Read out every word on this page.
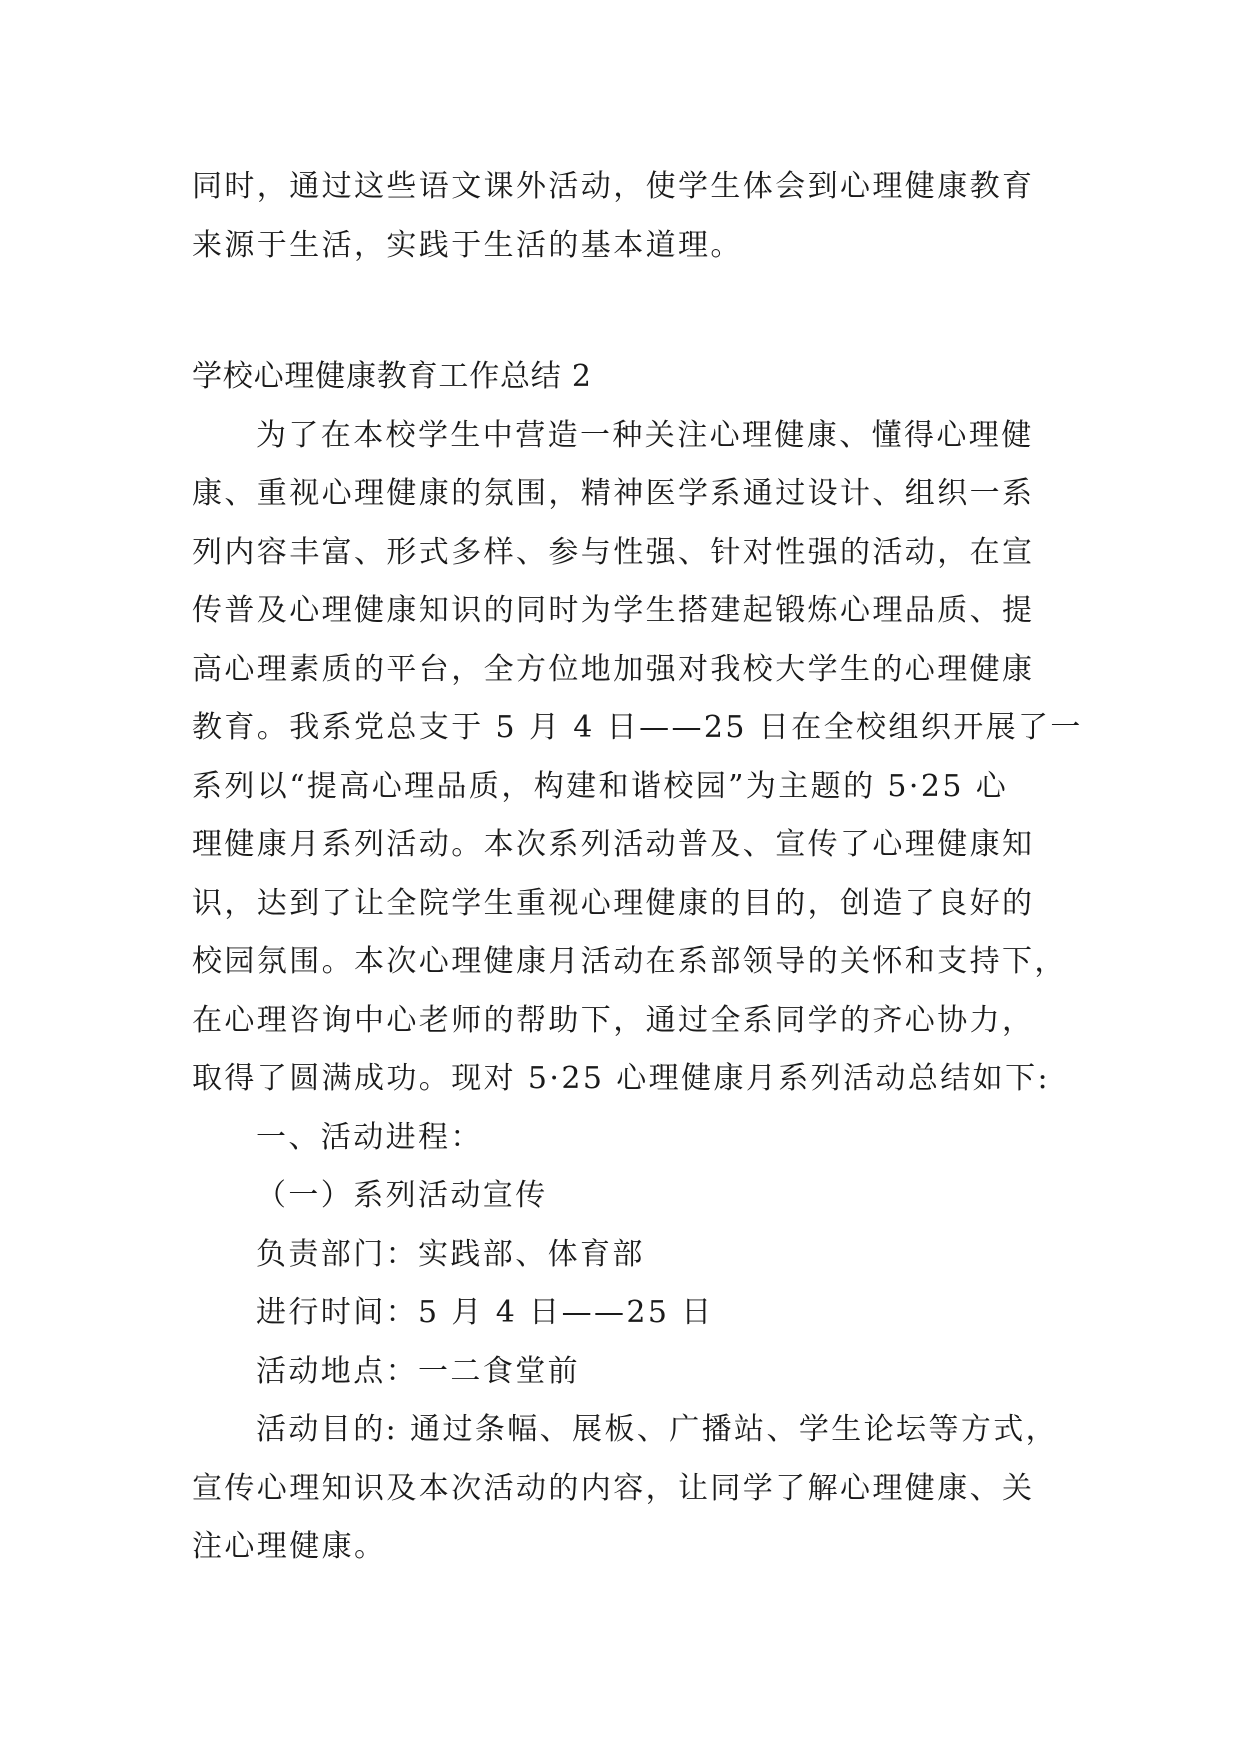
同时，通过这些语文课外活动，使学生体会到心理健康教育
来源于生活，实践于生活的基本道理。
学校心理健康教育工作总结 2
为了在本校学生中营造一种关注心理健康、懂得心理健
康、重视心理健康的氛围，精神医学系通过设计、组织一系
列内容丰富、形式多样、参与性强、针对性强的活动，在宣
传普及心理健康知识的同时为学生搭建起锻炼心理品质、提
高心理素质的平台，全方位地加强对我校大学生的心理健康
教育。我系党总支于 5 月 4 日——25 日在全校组织开展了一
系列以“提高心理品质，构建和谐校园”为主题的 5·25 心
理健康月系列活动。本次系列活动普及、宣传了心理健康知
识，达到了让全院学生重视心理健康的目的，创造了良好的
校园氛围。本次心理健康月活动在系部领导的关怀和支持下，
在心理咨询中心老师的帮助下，通过全系同学的齐心协力，
取得了圆满成功。现对 5·25 心理健康月系列活动总结如下:
一、活动进程：
（一）系列活动宣传
负责部门：实践部、体育部
进行时间：5 月 4 日——25 日
活动地点：一二食堂前
活动目的: 通过条幅、展板、广播站、学生论坛等方式，
宣传心理知识及本次活动的内容，让同学了解心理健康、关
注心理健康。
